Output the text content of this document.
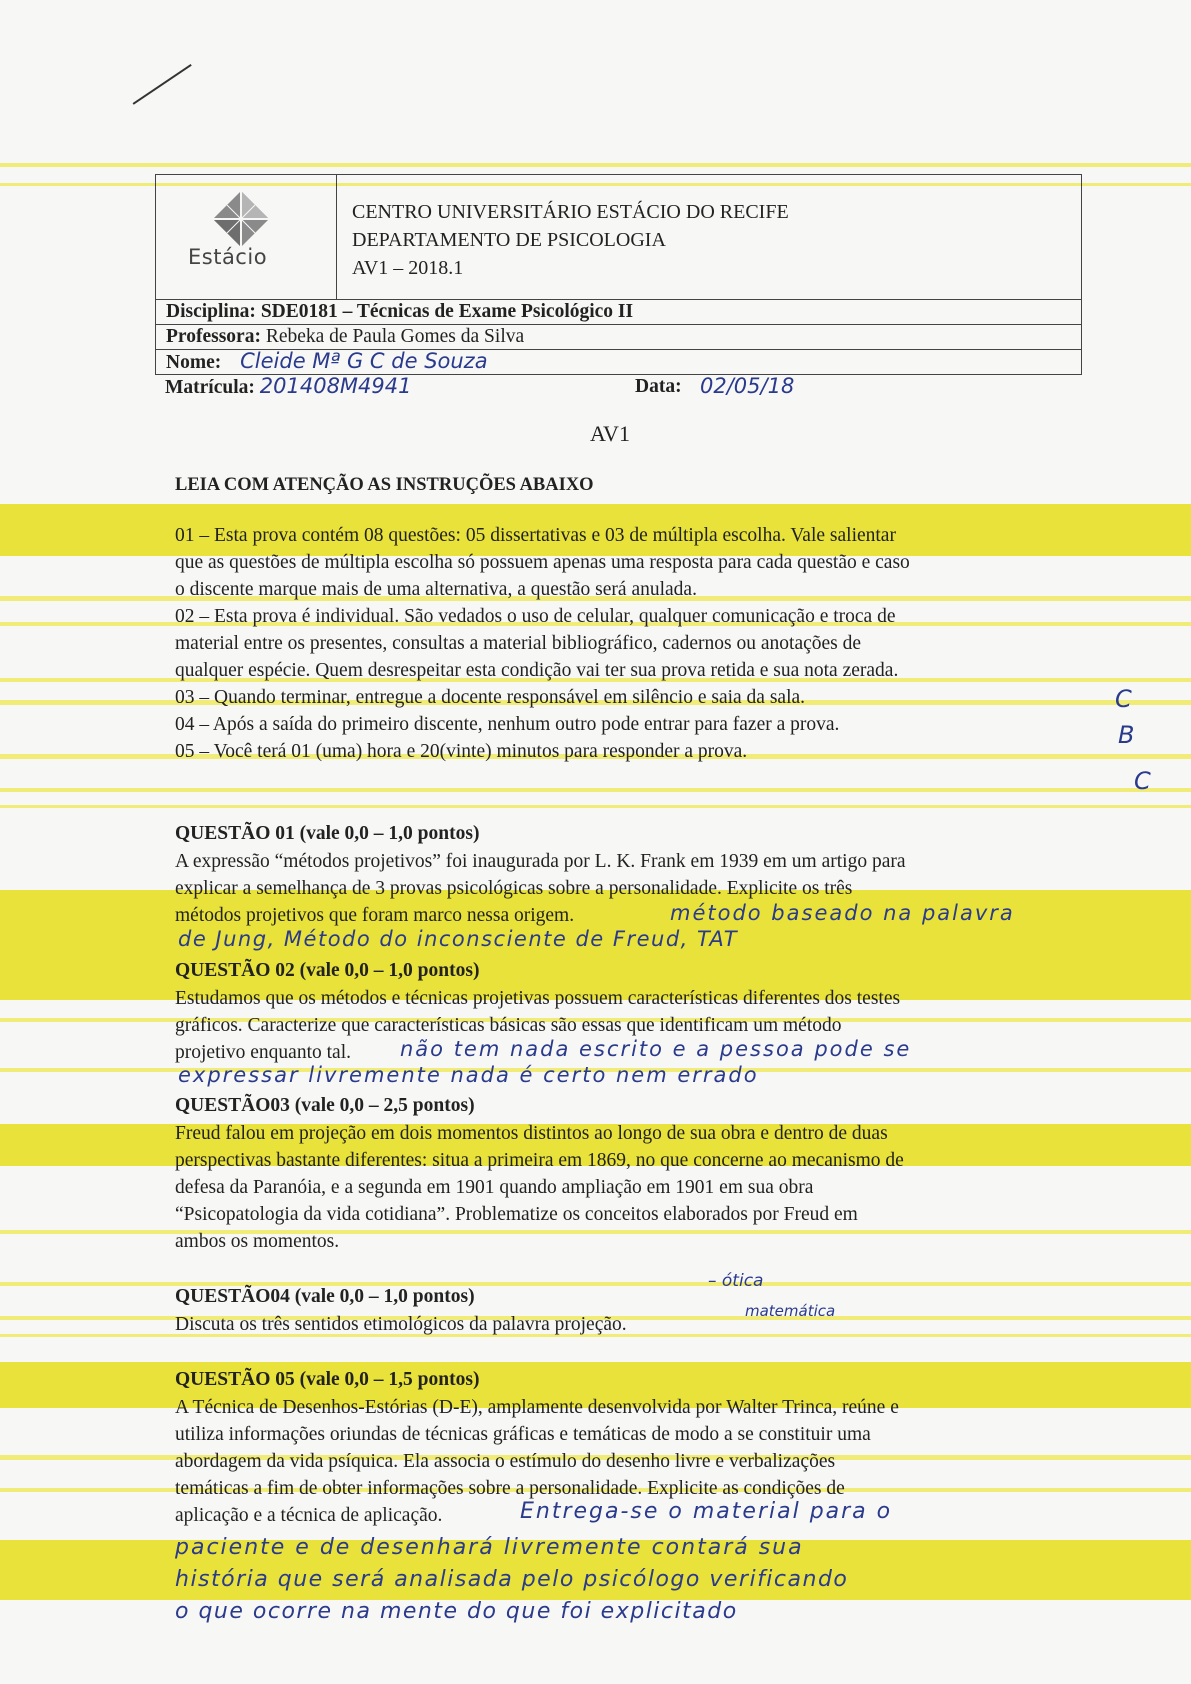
Estácio
CENTRO UNIVERSITÁRIO ESTÁCIO DO RECIFE
DEPARTAMENTO DE PSICOLOGIA
AV1 – 2018.1
Disciplina: SDE0181 – Técnicas de Exame Psicológico II
Professora: Rebeka de Paula Gomes da Silva
Nome: Cleide Mª G C de Souza
Matrícula: 201408M4941	Data: 02/05/18
AV1
LEIA COM ATENÇÃO AS INSTRUÇÕES ABAIXO
01 – Esta prova contém 08 questões: 05 dissertativas e 03 de múltipla escolha. Vale salientar
que as questões de múltipla escolha só possuem apenas uma resposta para cada questão e caso
o discente marque mais de uma alternativa, a questão será anulada.
02 – Esta prova é individual. São vedados o uso de celular, qualquer comunicação e troca de
material entre os presentes, consultas a material bibliográfico, cadernos ou anotações de
qualquer espécie. Quem desrespeitar esta condição vai ter sua prova retida e sua nota zerada.
03 – Quando terminar, entregue a docente responsável em silêncio e saia da sala.
04 – Após a saída do primeiro discente, nenhum outro pode entrar para fazer a prova.
05 – Você terá 01 (uma) hora e 20(vinte) minutos para responder a prova.
C
B
C
QUESTÃO 01 (vale 0,0 – 1,0 pontos)
A expressão “métodos projetivos” foi inaugurada por L. K. Frank em 1939 em um artigo para
explicar a semelhança de 3 provas psicológicas sobre a personalidade. Explicite os três
métodos projetivos que foram marco nessa origem.	método baseado na palavra
de Jung, Método do inconsciente de Freud, TAT
QUESTÃO 02 (vale 0,0 – 1,0 pontos)
Estudamos que os métodos e técnicas projetivas possuem características diferentes dos testes
gráficos. Caracterize que características básicas são essas que identificam um método
projetivo enquanto tal. não tem nada escrito e a pessoa pode se
expressar livremente nada é certo nem errado
QUESTÃO03 (vale 0,0 – 2,5 pontos)
Freud falou em projeção em dois momentos distintos ao longo de sua obra e dentro de duas
perspectivas bastante diferentes: situa a primeira em 1869, no que concerne ao mecanismo de
defesa da Paranóia, e a segunda em 1901 quando ampliação em 1901 em sua obra
“Psicopatologia da vida cotidiana”. Problematize os conceitos elaborados por Freud em
ambos os momentos.
QUESTÃO04 (vale 0,0 – 1,0 pontos)
Discuta os três sentidos etimológicos da palavra projeção.
– ótica
matemática
QUESTÃO 05 (vale 0,0 – 1,5 pontos)
A Técnica de Desenhos-Estórias (D-E), amplamente desenvolvida por Walter Trinca, reúne e
utiliza informações oriundas de técnicas gráficas e temáticas de modo a se constituir uma
abordagem da vida psíquica. Ela associa o estímulo do desenho livre e verbalizações
temáticas a fim de obter informações sobre a personalidade. Explicite as condições de
aplicação e a técnica de aplicação.	Entrega-se o material para o
paciente e de desenhará livremente contará sua
história que será analisada pelo psicólogo verificando
o que ocorre na mente do que foi explicitado
